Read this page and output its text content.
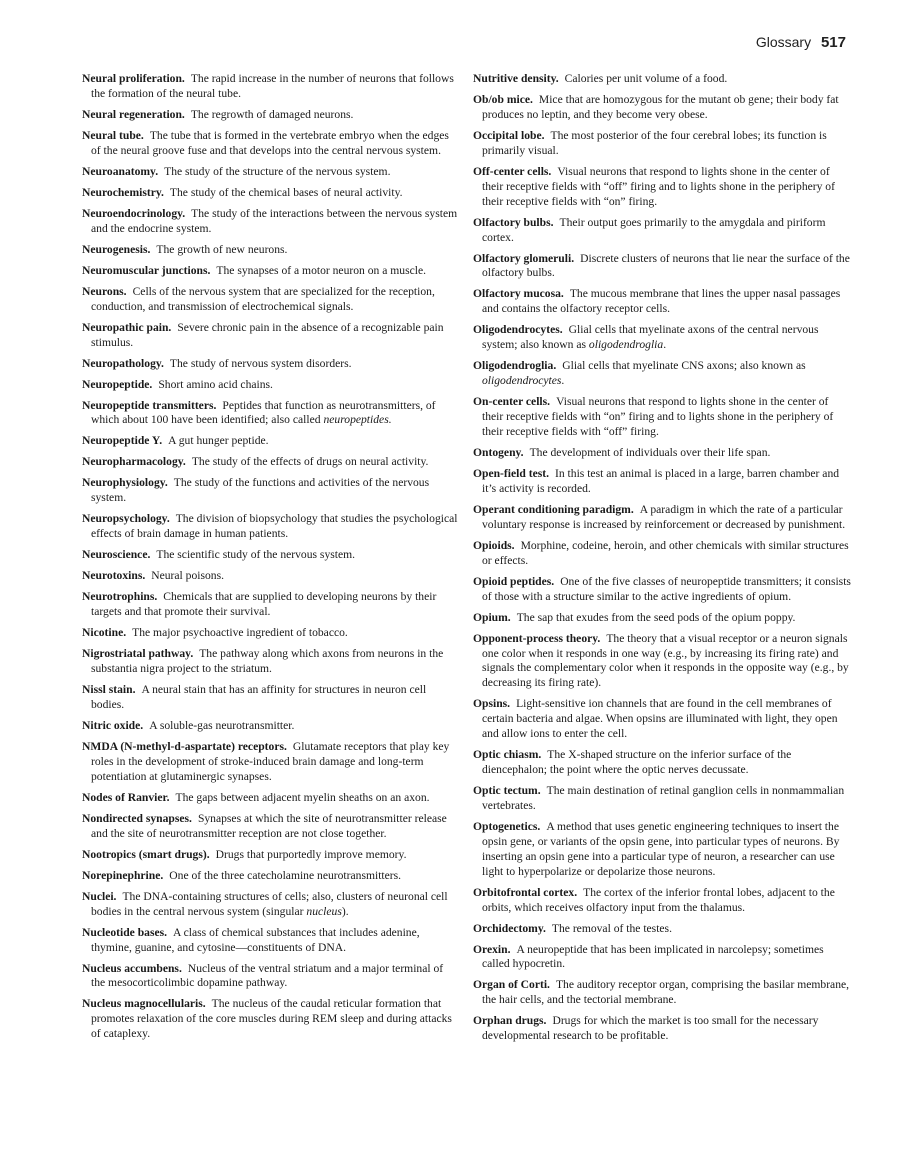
Glossary 517

Neural proliferation. The rapid increase in the number of neurons that follows the formation of the neural tube.

Neural regeneration. The regrowth of damaged neurons.

Neural tube. The tube that is formed in the vertebrate embryo when the edges of the neural groove fuse and that develops into the central nervous system.

Neuroanatomy. The study of the structure of the nervous system.

Neurochemistry. The study of the chemical bases of neural activity.

Neuroendocrinology. The study of the interactions between the nervous system and the endocrine system.

Neurogenesis. The growth of new neurons.

Neuromuscular junctions. The synapses of a motor neuron on a muscle.

Neurons. Cells of the nervous system that are specialized for the reception, conduction, and transmission of electrochemical signals.

Neuropathic pain. Severe chronic pain in the absence of a recognizable pain stimulus.

Neuropathology. The study of nervous system disorders.

Neuropeptide. Short amino acid chains.

Neuropeptide transmitters. Peptides that function as neurotransmitters, of which about 100 have been identified; also called neuropeptides.

Neuropeptide Y. A gut hunger peptide.

Neuropharmacology. The study of the effects of drugs on neural activity.

Neurophysiology. The study of the functions and activities of the nervous system.

Neuropsychology. The division of biopsychology that studies the psychological effects of brain damage in human patients.

Neuroscience. The scientific study of the nervous system.

Neurotoxins. Neural poisons.

Neurotrophins. Chemicals that are supplied to developing neurons by their targets and that promote their survival.

Nicotine. The major psychoactive ingredient of tobacco.

Nigrostriatal pathway. The pathway along which axons from neurons in the substantia nigra project to the striatum.

Nissl stain. A neural stain that has an affinity for structures in neuron cell bodies.

Nitric oxide. A soluble-gas neurotransmitter.

NMDA (N-methyl-d-aspartate) receptors. Glutamate receptors that play key roles in the development of stroke-induced brain damage and long-term potentiation at glutaminergic synapses.

Nodes of Ranvier. The gaps between adjacent myelin sheaths on an axon.

Nondirected synapses. Synapses at which the site of neurotransmitter release and the site of neurotransmitter reception are not close together.

Nootropics (smart drugs). Drugs that purportedly improve memory.

Norepinephrine. One of the three catecholamine neurotransmitters.

Nuclei. The DNA-containing structures of cells; also, clusters of neuronal cell bodies in the central nervous system (singular nucleus).

Nucleotide bases. A class of chemical substances that includes adenine, thymine, guanine, and cytosine—constituents of DNA.

Nucleus accumbens. Nucleus of the ventral striatum and a major terminal of the mesocorticolimbic dopamine pathway.

Nucleus magnocellularis. The nucleus of the caudal reticular formation that promotes relaxation of the core muscles during REM sleep and during attacks of cataplexy.

Nutritive density. Calories per unit volume of a food.

Ob/ob mice. Mice that are homozygous for the mutant ob gene; their body fat produces no leptin, and they become very obese.

Occipital lobe. The most posterior of the four cerebral lobes; its function is primarily visual.

Off-center cells. Visual neurons that respond to lights shone in the center of their receptive fields with “off” firing and to lights shone in the periphery of their receptive fields with “on” firing.

Olfactory bulbs. Their output goes primarily to the amygdala and piriform cortex.

Olfactory glomeruli. Discrete clusters of neurons that lie near the surface of the olfactory bulbs.

Olfactory mucosa. The mucous membrane that lines the upper nasal passages and contains the olfactory receptor cells.

Oligodendrocytes. Glial cells that myelinate axons of the central nervous system; also known as oligodendroglia.

Oligodendroglia. Glial cells that myelinate CNS axons; also known as oligodendrocytes.

On-center cells. Visual neurons that respond to lights shone in the center of their receptive fields with “on” firing and to lights shone in the periphery of their receptive fields with “off” firing.

Ontogeny. The development of individuals over their life span.

Open-field test. In this test an animal is placed in a large, barren chamber and it’s activity is recorded.

Operant conditioning paradigm. A paradigm in which the rate of a particular voluntary response is increased by reinforcement or decreased by punishment.

Opioids. Morphine, codeine, heroin, and other chemicals with similar structures or effects.

Opioid peptides. One of the five classes of neuropeptide transmitters; it consists of those with a structure similar to the active ingredients of opium.

Opium. The sap that exudes from the seed pods of the opium poppy.

Opponent-process theory. The theory that a visual receptor or a neuron signals one color when it responds in one way (e.g., by increasing its firing rate) and signals the complementary color when it responds in the opposite way (e.g., by decreasing its firing rate).

Opsins. Light-sensitive ion channels that are found in the cell membranes of certain bacteria and algae. When opsins are illuminated with light, they open and allow ions to enter the cell.

Optic chiasm. The X-shaped structure on the inferior surface of the diencephalon; the point where the optic nerves decussate.

Optic tectum. The main destination of retinal ganglion cells in nonmammalian vertebrates.

Optogenetics. A method that uses genetic engineering techniques to insert the opsin gene, or variants of the opsin gene, into particular types of neurons. By inserting an opsin gene into a particular type of neuron, a researcher can use light to hyperpolarize or depolarize those neurons.

Orbitofrontal cortex. The cortex of the inferior frontal lobes, adjacent to the orbits, which receives olfactory input from the thalamus.

Orchidectomy. The removal of the testes.

Orexin. A neuropeptide that has been implicated in narcolepsy; sometimes called hypocretin.

Organ of Corti. The auditory receptor organ, comprising the basilar membrane, the hair cells, and the tectorial membrane.

Orphan drugs. Drugs for which the market is too small for the necessary developmental research to be profitable.
